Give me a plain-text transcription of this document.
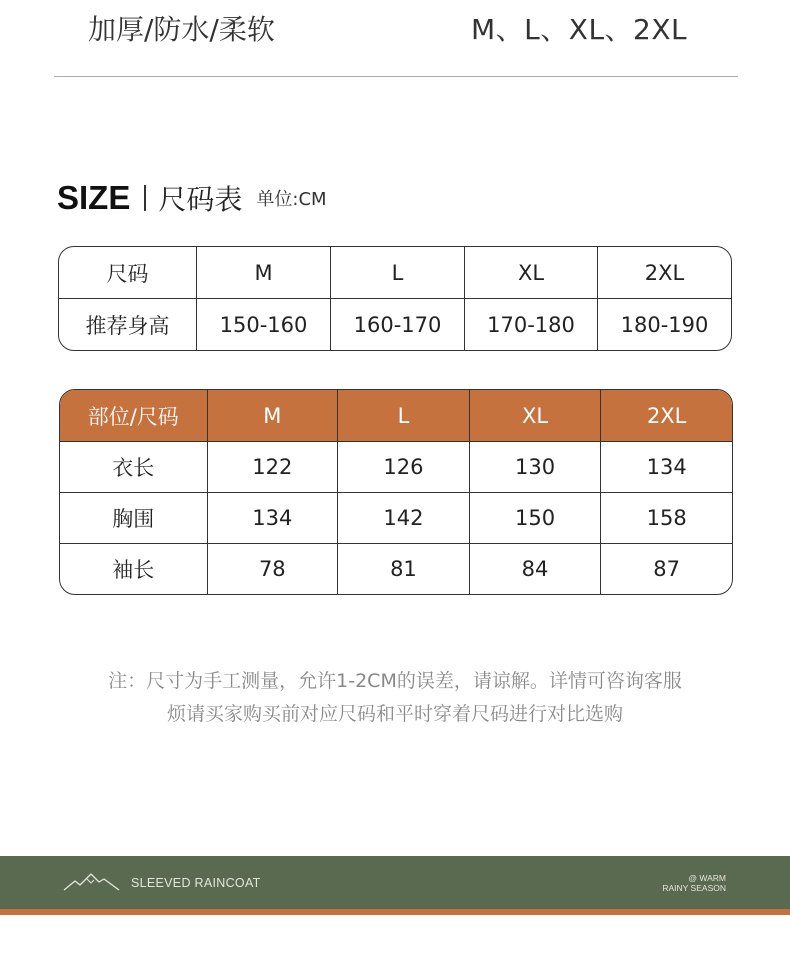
加厚/防水/柔软	M、L、XL、2XL
SIZE 尺码表 单位:CM
尺码	M	L	XL	2XL
推荐身高	150-160	160-170	170-180	180-190
部位/尺码	M	L	XL	2XL
衣长	122	126	130	134
胸围	134	142	150	158
袖长	78	81	84	87
注：尺寸为手工测量，允许1-2CM的误差，请谅解。详情可咨询客服
烦请买家购买前对应尺码和平时穿着尺码进行对比选购
SLEEVED RAINCOAT	@ WARM
RAINY SEASON
